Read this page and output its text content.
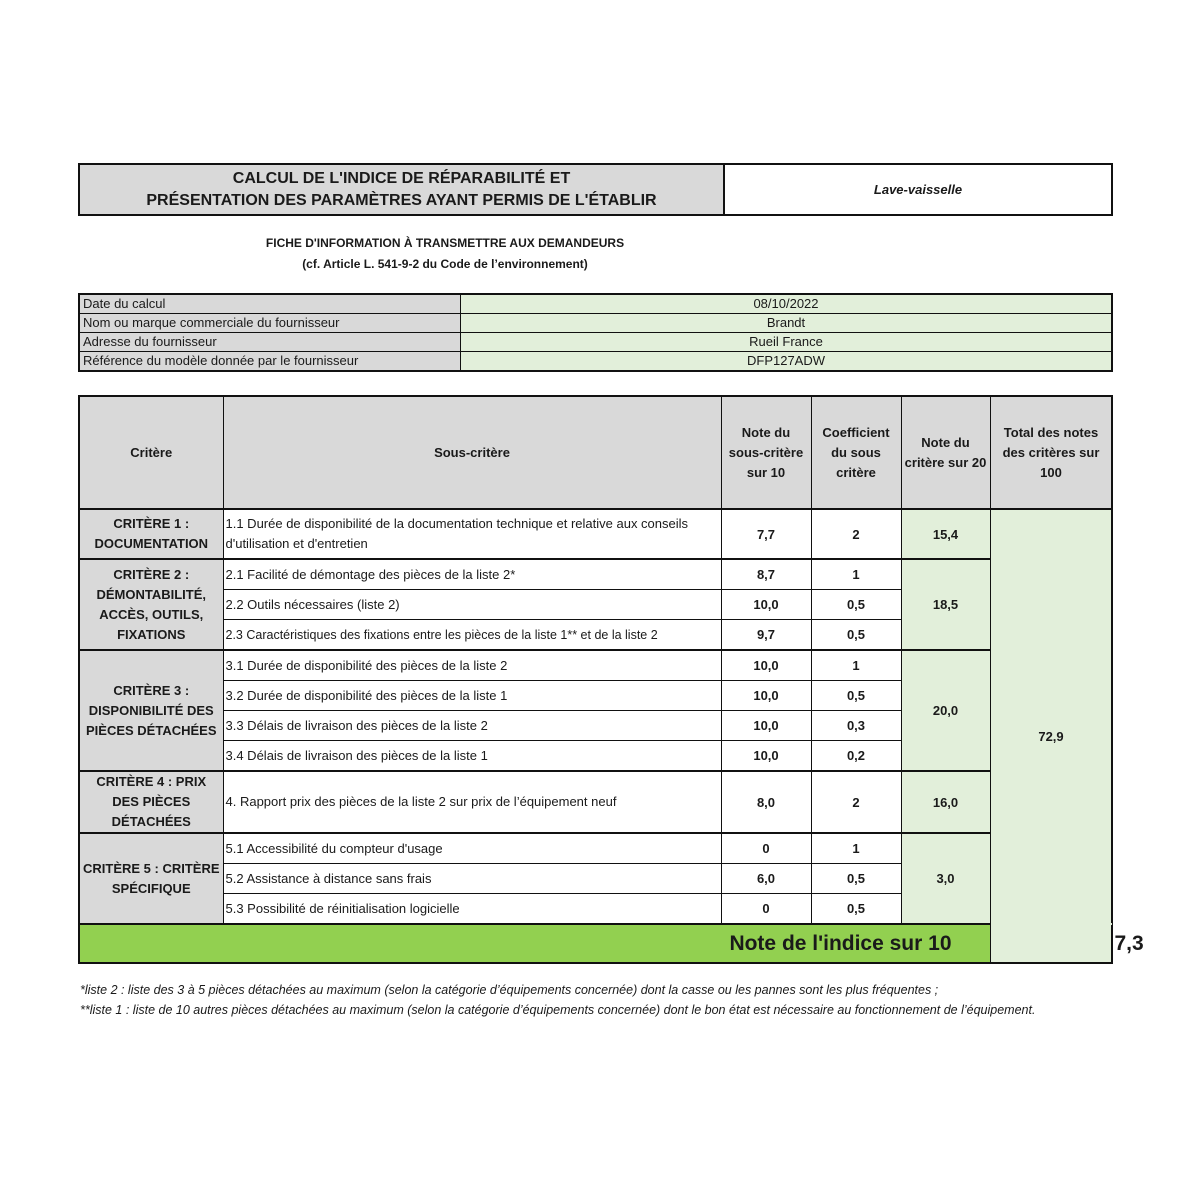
CALCUL DE L'INDICE DE RÉPARABILITÉ ET
PRÉSENTATION DES PARAMÈTRES AYANT PERMIS DE L'ÉTABLIR
Lave-vaisselle
FICHE D'INFORMATION À TRANSMETTRE AUX DEMANDEURS
(cf. Article L. 541-9-2 du Code de l’environnement)
Date du calcul	08/10/2022
Nom ou marque commerciale du fournisseur	Brandt
Adresse du fournisseur	Rueil France
Référence du modèle donnée par le fournisseur	DFP127ADW
Critère	Sous-critère	Note du sous-critère sur 10	Coefficient du sous critère	Note du critère sur 20	Total des notes des critères sur 100	
CRITÈRE 1 : DOCUMENTATION	1.1 Durée de disponibilité de la documentation technique et relative aux conseils d'utilisation et d'entretien	7,7	2	15,4	72,9	
CRITÈRE 2 : DÉMONTABILITÉ, ACCÈS, OUTILS, FIXATIONS	2.1 Facilité de démontage des pièces de la liste 2*	8,7	1	18,5		
	2.2 Outils nécessaires (liste 2)	10,0	0,5			
	2.3 Caractéristiques des fixations entre les pièces de la liste 1** et de la liste 2	9,7	0,5			
CRITÈRE 3 : DISPONIBILITÉ DES PIÈCES DÉTACHÉES	3.1 Durée de disponibilité des pièces de la liste 2	10,0	1	20,0		
	3.2 Durée de disponibilité des pièces de la liste 1	10,0	0,5			
	3.3 Délais de livraison des pièces de la liste 2	10,0	0,3			
	3.4 Délais de livraison des pièces de la liste 1	10,0	0,2			
CRITÈRE 4 : PRIX DES PIÈCES DÉTACHÉES	4. Rapport prix des pièces de la liste 2 sur prix de l’équipement neuf	8,0	2	16,0		
CRITÈRE 5 : CRITÈRE SPÉCIFIQUE	5.1 Accessibilité du compteur d'usage	0	1	3,0		
	5.2 Assistance à distance sans frais	6,0	0,5			
	5.3 Possibilité de réinitialisation logicielle	0	0,5			
Note de l'indice sur 10						7,3
*liste 2 : liste des 3 à 5 pièces détachées au maximum (selon la catégorie d’équipements concernée) dont la casse ou les pannes sont les plus fréquentes ;
**liste 1 : liste de 10 autres pièces détachées au maximum (selon la catégorie d’équipements concernée) dont le bon état est nécessaire au fonctionnement de l’équipement.
